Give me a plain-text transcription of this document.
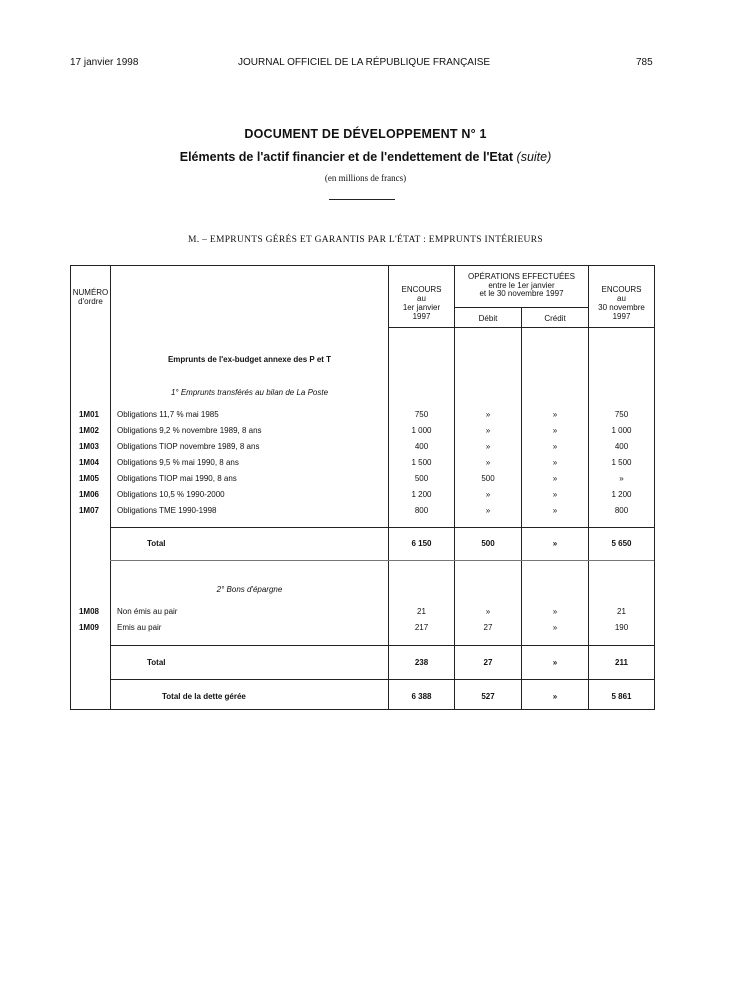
17 janvier 1998	JOURNAL OFFICIEL DE LA RÉPUBLIQUE FRANÇAISE	785
DOCUMENT DE DÉVELOPPEMENT N° 1
Eléments de l'actif financier et de l'endettement de l'Etat (suite)
(en millions de francs)
M. – EMPRUNTS GÉRÉS ET GARANTIS PAR L'ÉTAT : EMPRUNTS INTÉRIEURS
NUMÉRO
d'ordre
ENCOURS
au
1er janvier
1997
OPÉRATIONS EFFECTUÉES
entre le 1er janvier
et le 30 novembre 1997
Débit	Crédit
ENCOURS
au
30 novembre
1997
Emprunts de l'ex-budget annexe des P et T
1° Emprunts transférés au bilan de La Poste
1M01	Obligations 11,7 % mai 1985	750	»	»	750
1M02	Obligations 9,2 % novembre 1989, 8 ans	1 000	»	»	1 000
1M03	Obligations TIOP novembre 1989, 8 ans	400	»	»	400
1M04	Obligations 9,5 % mai 1990, 8 ans	1 500	»	»	1 500
1M05	Obligations TIOP mai 1990, 8 ans	500	500	»	»
1M06	Obligations 10,5 % 1990-2000	1 200	»	»	1 200
1M07	Obligations TME 1990-1998	800	»	»	800
Total	6 150	500	»	5 650
2° Bons d'épargne
1M08	Non émis au pair	21	»	»	21
1M09	Emis au pair	217	27	»	190
Total	238	27	»	211
Total de la dette gérée	6 388	527	»	5 861
